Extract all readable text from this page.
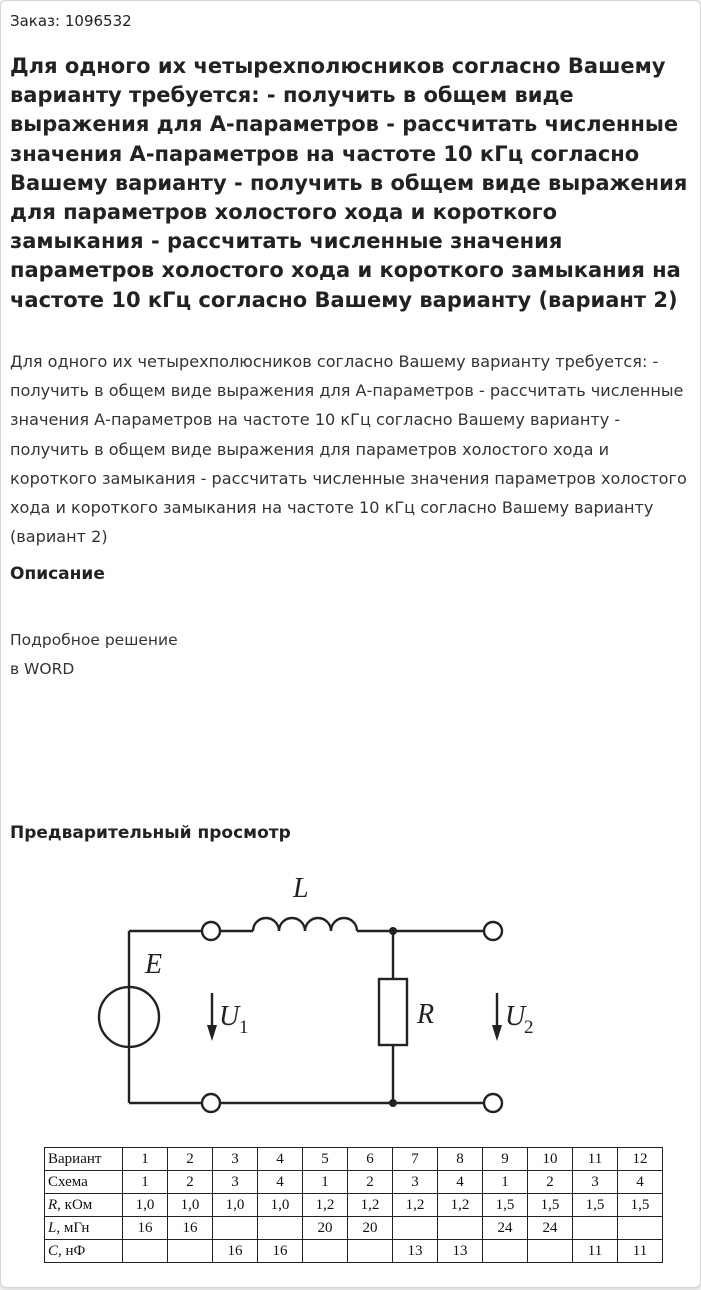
Заказ: 1096532
Для одного их четырехполюсников согласно Вашему варианту требуется: - получить в общем виде выражения для А-параметров - рассчитать численные значения А-параметров на частоте 10 кГц согласно Вашему варианту - получить в общем виде выражения для параметров холостого хода и короткого замыкания - рассчитать численные значения параметров холостого хода и короткого замыкания на частоте 10 кГц согласно Вашему варианту (вариант 2)

Для одного их четырехполюсников согласно Вашему варианту требуется: - получить в общем виде выражения для А-параметров - рассчитать численные значения А-параметров на частоте 10 кГц согласно Вашему варианту - получить в общем виде выражения для параметров холостого хода и короткого замыкания - рассчитать численные значения параметров холостого хода и короткого замыкания на частоте 10 кГц согласно Вашему варианту (вариант 2)

Описание
Подробное решение
в WORD
Предварительный просмотр
L
E
U 1	R	U
2
Вариант	1	2	3	4	5	6	7	8	9	10	11	12
Схема	1	2	3	4	1	2	3	4	1	2	3	4
R, кОм	1,0	1,0	1,0	1,0	1,2	1,2	1,2	1,2	1,5	1,5	1,5	1,5
L, мГн	16	16			20	20			24	24		
C, нФ			16	16			13	13			11	11
